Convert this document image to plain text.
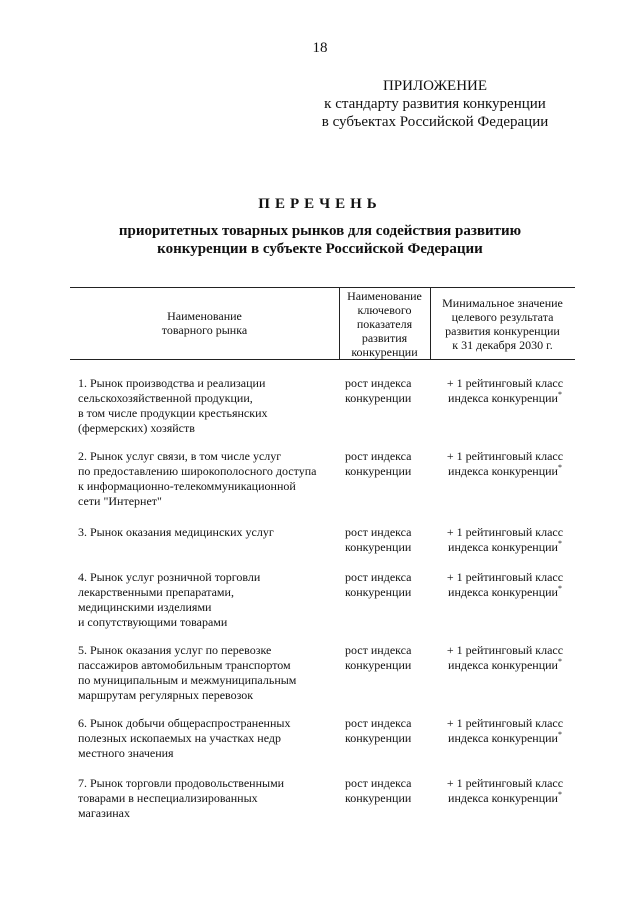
18
ПРИЛОЖЕНИЕ
к стандарту развития конкуренции
в субъектах Российской Федерации
ПЕРЕЧЕНЬ
приоритетных товарных рынков для содействия развитию
конкуренции в субъекте Российской Федерации
Наименование
товарного рынка
Наименование
ключевого
показателя
развития
конкуренции
Минимальное значение
целевого результата
развития конкуренции
к 31 декабря 2030 г.
1. Рынок производства и реализации
сельскохозяйственной продукции,
в том числе продукции крестьянских
(фермерских) хозяйств
рост индекса
конкуренции
+ 1 рейтинговый класс
индекса конкуренции*
2. Рынок услуг связи, в том числе услуг
по предоставлению широкополосного доступа
к информационно-телекоммуникационной
сети "Интернет"
рост индекса
конкуренции
+ 1 рейтинговый класс
индекса конкуренции*
3. Рынок оказания медицинских услуг	рост индекса
конкуренции
+ 1 рейтинговый класс
индекса конкуренции*
4. Рынок услуг розничной торговли
лекарственными препаратами,
медицинскими изделиями
и сопутствующими товарами
рост индекса
конкуренции
+ 1 рейтинговый класс
индекса конкуренции*
5. Рынок оказания услуг по перевозке
пассажиров автомобильным транспортом
по муниципальным и межмуниципальным
маршрутам регулярных перевозок
рост индекса
конкуренции
+ 1 рейтинговый класс
индекса конкуренции*
6. Рынок добычи общераспространенных
полезных ископаемых на участках недр
местного значения
рост индекса
конкуренции
+ 1 рейтинговый класс
индекса конкуренции*
7. Рынок торговли продовольственными
товарами в неспециализированных
магазинах
рост индекса
конкуренции
+ 1 рейтинговый класс
индекса конкуренции*
